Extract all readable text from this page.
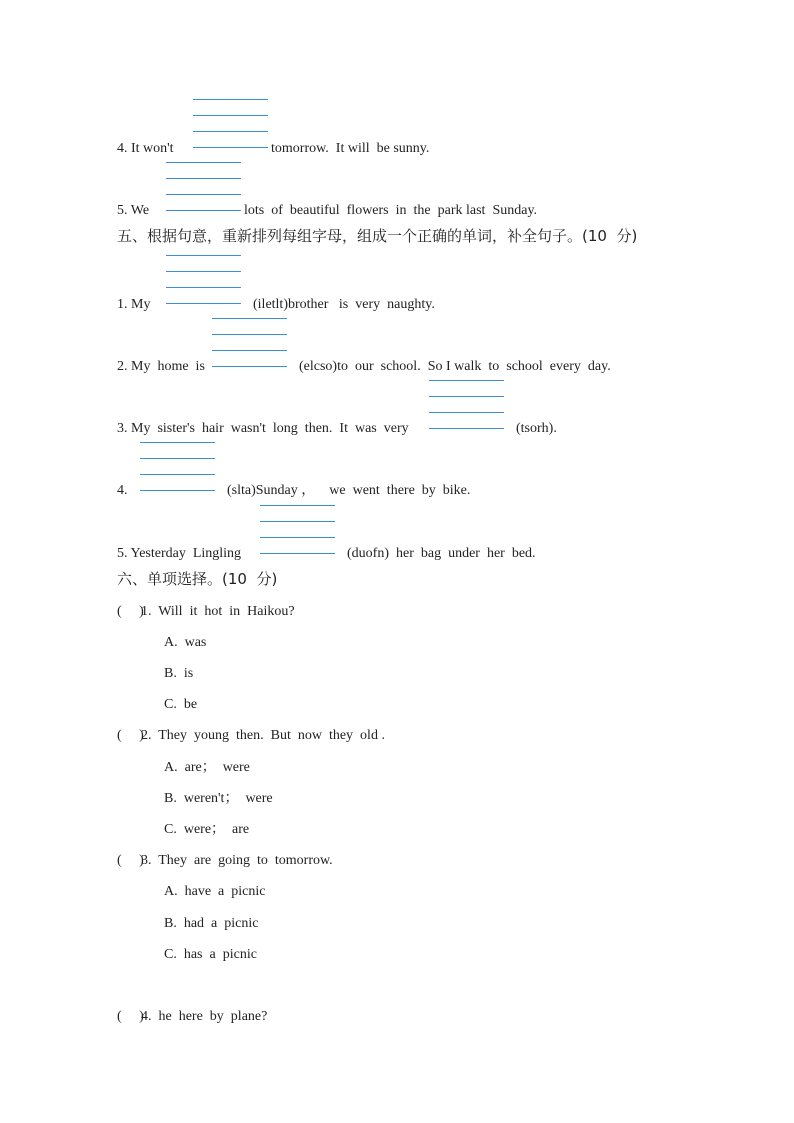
4. It won't	tomorrow.  It will  be sunny.
5. We	lots  of  beautiful  flowers  in  the  park last  Sunday.
五、根据句意，重新排列每组字母，组成一个正确的单词，补全句子。(10  分)
1. My	(iletlt)brother   is  very  naughty.
2. My  home  is	(elcso)to  our  school.  So I walk  to  school  every  day.
3. My  sister's  hair  wasn't  long  then.  It  was  very	(tsorh).
4.	(slta)Sunday ，    we  went  there  by  bike.
5. Yesterday  Lingling	(duofn)  her  bag  under  her  bed.
六、单项选择。(10  分)
(     )
1.  Will  it  hot  in  Haikou?
A.  was
B.  is
C.  be
(     )
2.  They  young  then.  But  now  they  old .
A.  are；  were
B.  weren't；  were
C.  were；  are
(     )
3.  They  are  going  to  tomorrow.
A.  have  a  picnic
B.  had  a  picnic
C.  has  a  picnic
(     )
4.  he  here  by  plane?
